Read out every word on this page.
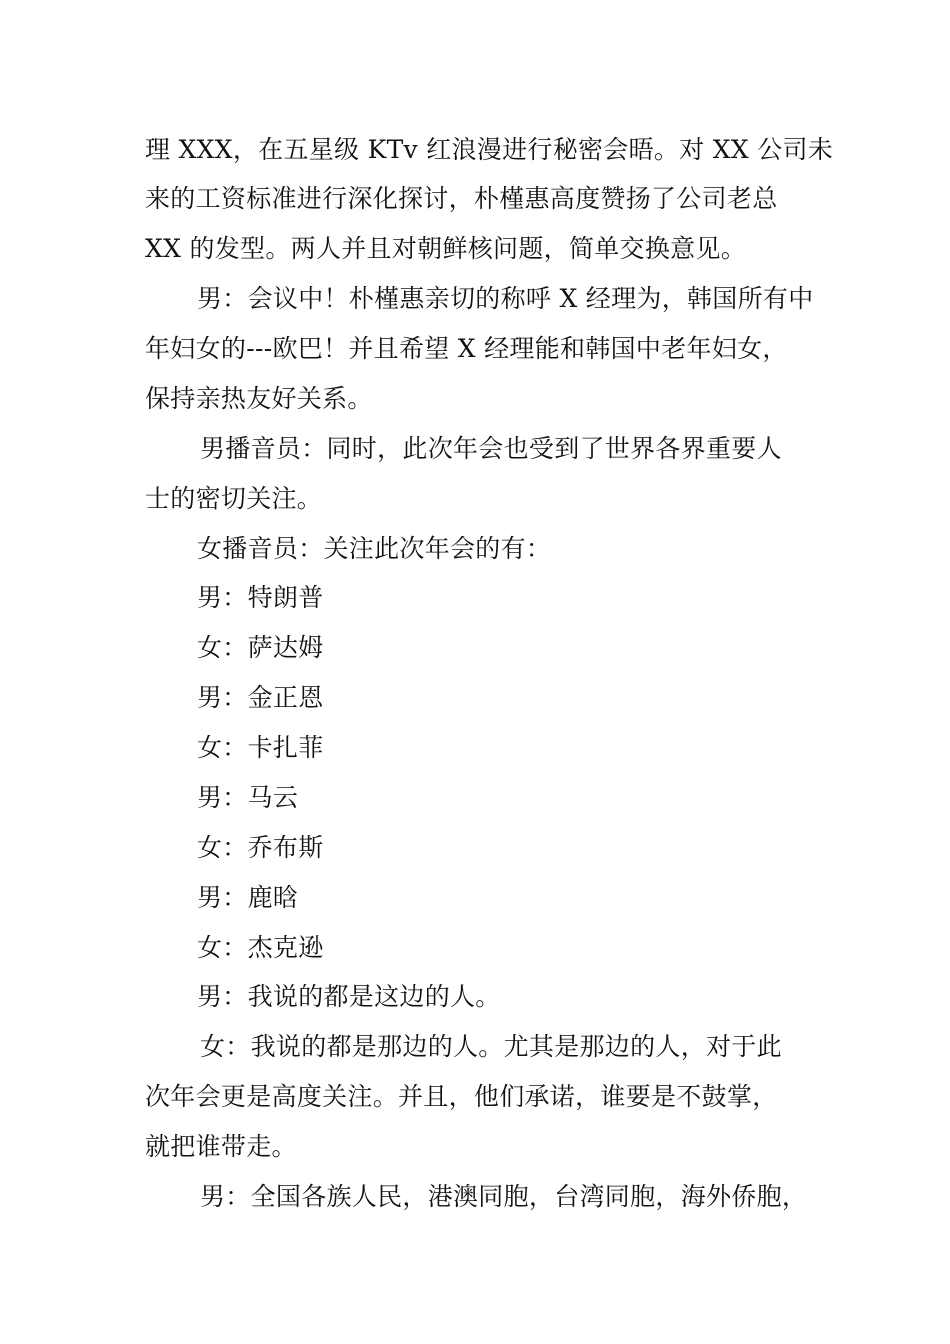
理 XXX，在五星级 KTv 红浪漫进行秘密会晤。对 XX 公司未
来的工资标准进行深化探讨，朴槿惠高度赞扬了公司老总
XX 的发型。两人并且对朝鲜核问题，简单交换意见。
男：会议中！朴槿惠亲切的称呼 X 经理为，韩国所有中
年妇女的---欧巴！并且希望 X 经理能和韩国中老年妇女，
保持亲热友好关系。
男播音员：同时，此次年会也受到了世界各界重要人
士的密切关注。
女播音员：关注此次年会的有：
男：特朗普
女：萨达姆
男：金正恩
女：卡扎菲
男：马云
女：乔布斯
男：鹿晗
女：杰克逊
男：我说的都是这边的人。
女：我说的都是那边的人。尤其是那边的人，对于此
次年会更是高度关注。并且，他们承诺，谁要是不鼓掌，
就把谁带走。
男：全国各族人民，港澳同胞，台湾同胞，海外侨胞，
